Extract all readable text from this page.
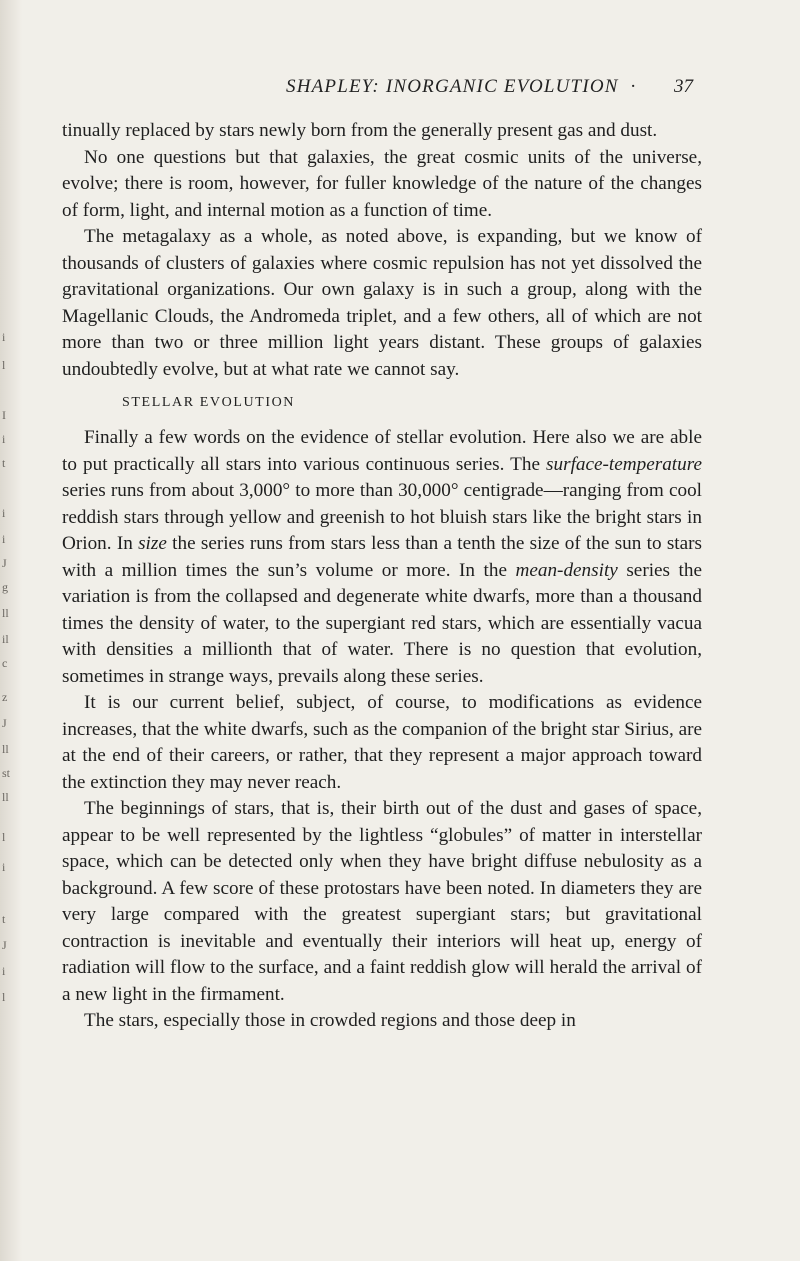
i
l
I
i
t
i
i
J
g
ll
il
c
z
J
ll
st
ll
l
i
t
J
i
l
SHAPLEY: INORGANIC EVOLUTION · 37

tinually replaced by stars newly born from the generally present gas and dust.

No one questions but that galaxies, the great cosmic units of the universe, evolve; there is room, however, for fuller knowledge of the nature of the changes of form, light, and internal motion as a function of time.

The metagalaxy as a whole, as noted above, is expanding, but we know of thousands of clusters of galaxies where cosmic repulsion has not yet dissolved the gravitational organizations. Our own galaxy is in such a group, along with the Magellanic Clouds, the Andromeda triplet, and a few others, all of which are not more than two or three million light years distant. These groups of galaxies undoubtedly evolve, but at what rate we cannot say.

STELLAR EVOLUTION

Finally a few words on the evidence of stellar evolution. Here also we are able to put practically all stars into various continuous series. The surface-temperature series runs from about 3,000° to more than 30,000° centigrade—ranging from cool reddish stars through yellow and greenish to hot bluish stars like the bright stars in Orion. In size the series runs from stars less than a tenth the size of the sun to stars with a million times the sun’s volume or more. In the mean-density series the variation is from the collapsed and degenerate white dwarfs, more than a thousand times the density of water, to the supergiant red stars, which are essentially vacua with densities a millionth that of water. There is no question that evolution, sometimes in strange ways, prevails along these series.

It is our current belief, subject, of course, to modifications as evidence increases, that the white dwarfs, such as the companion of the bright star Sirius, are at the end of their careers, or rather, that they represent a major approach toward the extinction they may never reach.

The beginnings of stars, that is, their birth out of the dust and gases of space, appear to be well represented by the lightless “globules” of matter in interstellar space, which can be detected only when they have bright diffuse nebulosity as a background. A few score of these protostars have been noted. In diameters they are very large compared with the greatest supergiant stars; but gravitational contraction is inevitable and eventually their interiors will heat up, energy of radiation will flow to the surface, and a faint reddish glow will herald the arrival of a new light in the firmament.

The stars, especially those in crowded regions and those deep in
